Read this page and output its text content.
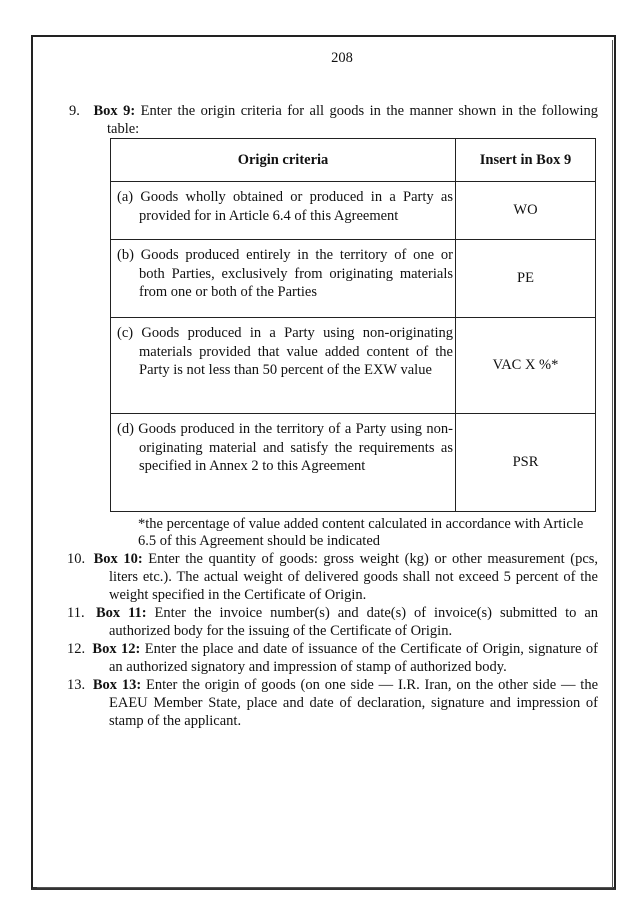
208

9. Box 9: Enter the origin criteria for all goods in the manner shown in the following table:

Origin criteria	Insert in Box 9

(a) Goods wholly obtained or produced in a Party as provided for in Article 6.4 of this Agreement	WO

(b) Goods produced entirely in the territory of one or both Parties, exclusively from originating materials from one or both of the Parties	PE

(c) Goods produced in a Party using non-originating materials provided that value added content of the Party is not less than 50 percent of the EXW value	VAC X %*

(d) Goods produced in the territory of a Party using non-originating material and satisfy the requirements as specified in Annex 2 to this Agreement	PSR

*the percentage of value added content calculated in accordance with Article 6.5 of this Agreement should be indicated

10. Box 10: Enter the quantity of goods: gross weight (kg) or other measurement (pcs, liters etc.). The actual weight of delivered goods shall not exceed 5 percent of the weight specified in the Certificate of Origin.

11. Box 11: Enter the invoice number(s) and date(s) of invoice(s) submitted to an authorized body for the issuing of the Certificate of Origin.

12. Box 12: Enter the place and date of issuance of the Certificate of Origin, signature of an authorized signatory and impression of stamp of authorized body.

13. Box 13: Enter the origin of goods (on one side — I.R. Iran, on the other side — the EAEU Member State, place and date of declaration, signature and impression of stamp of the applicant.
